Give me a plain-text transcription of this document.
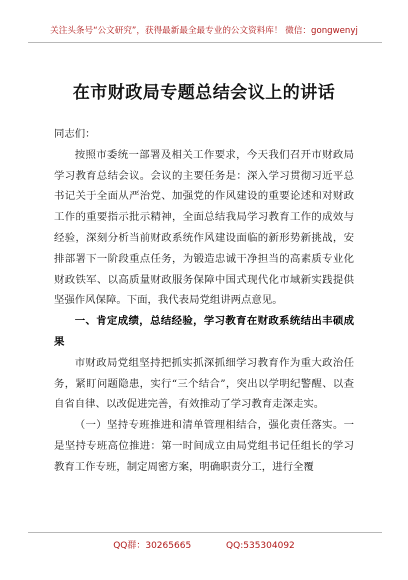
关注头条号“公文研究”，获得最新最全最专业的公文资料库！ 微信：gongwenyj
在市财政局专题总结会议上的讲话

同志们：

按照市委统一部署及相关工作要求，今天我们召开市财政局学习教育总结会议。会议的主要任务是：深入学习贯彻习近平总书记关于全面从严治党、加强党的作风建设的重要论述和对财政工作的重要指示批示精神，全面总结我局学习教育工作的成效与经验，深刻分析当前财政系统作风建设面临的新形势新挑战，安排部署下一阶段重点任务，为锻造忠诚干净担当的高素质专业化财政铁军、以高质量财政服务保障中国式现代化市域新实践提供坚强作风保障。下面，我代表局党组讲两点意见。

一、肯定成绩，总结经验，学习教育在财政系统结出丰硕成果

市财政局党组坚持把抓实抓深抓细学习教育作为重大政治任务，紧盯问题隐患，实行“三个结合”，突出以学明纪警醒、以查自省自律、以改促进完善，有效推动了学习教育走深走实。

（一）坚持专班推进和清单管理相结合，强化责任落实。一是坚持专班高位推进：第一时间成立由局党组书记任组长的学习教育工作专班，制定周密方案，明确职责分工，进行全覆

QQ群：30265665	QQ:535304092
